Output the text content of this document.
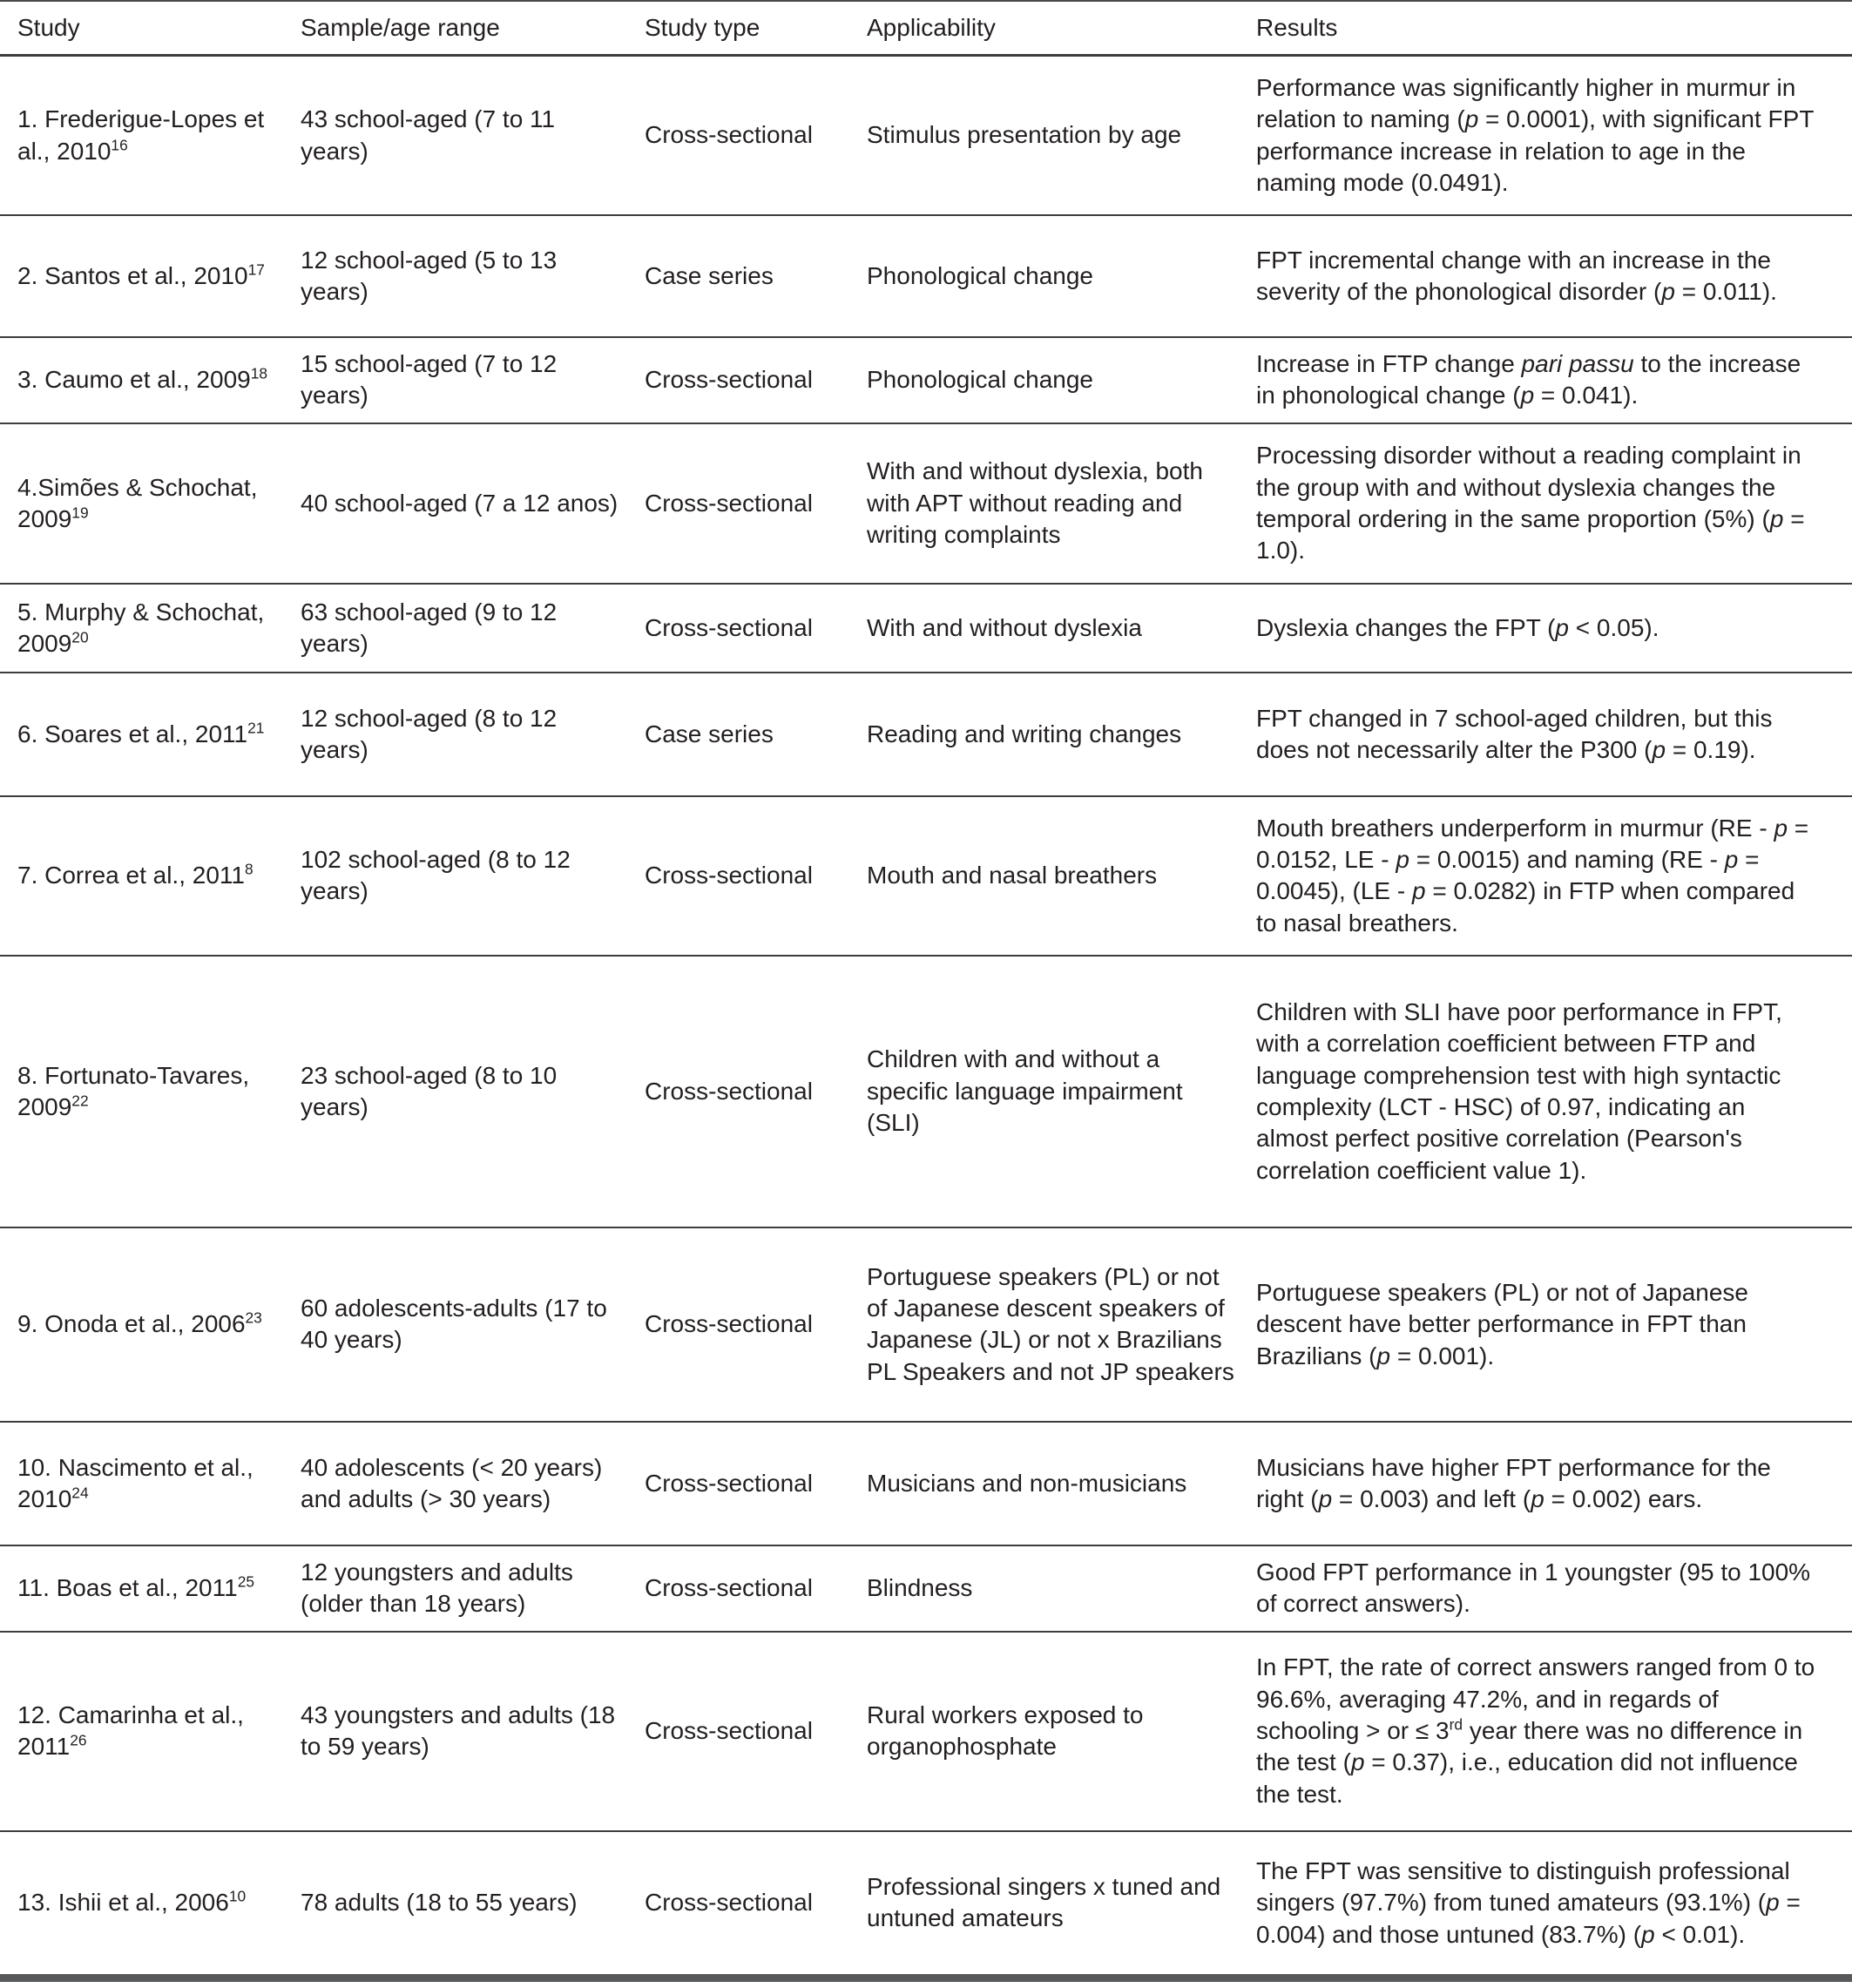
Study	Sample/age range	Study type	Applicability	Results
1. Frederigue-Lopes et al., 2010$^{16}$	43 school-aged (7 to 11 years)	Cross-sectional	Stimulus presentation by age	Performance was significantly higher in murmur in relation to naming (p = 0.0001), with significant FPT performance increase in relation to age in the naming mode (0.0491).
2. Santos et al., 2010$^{17}$	12 school-aged (5 to 13 years)	Case series	Phonological change	FPT incremental change with an increase in the severity of the phonological disorder (p = 0.011).
3. Caumo et al., 2009$^{18}$	15 school-aged (7 to 12 years)	Cross-sectional	Phonological change	Increase in FTP change pari passu to the increase in phonological change (p = 0.041).
4.Simões & Schochat, 2009$^{19}$	40 school-aged (7 a 12 anos)	Cross-sectional	With and without dyslexia, both with APT without reading and writing complaints	Processing disorder without a reading complaint in the group with and without dyslexia changes the temporal ordering in the same proportion (5%) (p = 1.0).
5. Murphy & Schochat, 2009$^{20}$	63 school-aged (9 to 12 years)	Cross-sectional	With and without dyslexia	Dyslexia changes the FPT (p < 0.05).
6. Soares et al., 2011$^{21}$	12 school-aged (8 to 12 years)	Case series	Reading and writing changes	FPT changed in 7 school-aged children, but this does not necessarily alter the P300 (p = 0.19).
7. Correa et al., 2011$^8$	102 school-aged (8 to 12 years)	Cross-sectional	Mouth and nasal breathers	Mouth breathers underperform in murmur (RE - p = 0.0152, LE - p = 0.0015) and naming (RE - p = 0.0045), (LE - p = 0.0282) in FTP when compared to nasal breathers.
8. Fortunato-Tavares, 2009$^{22}$	23 school-aged (8 to 10 years)	Cross-sectional	Children with and without a specific language impairment (SLI)	Children with SLI have poor performance in FPT, with a correlation coefficient between FTP and language comprehension test with high syntactic complexity (LCT - HSC) of 0.97, indicating an almost perfect positive correlation (Pearson's correlation coefficient value 1).
9. Onoda et al., 2006$^{23}$	60 adolescents-adults (17 to 40 years)	Cross-sectional	Portuguese speakers (PL) or not of Japanese descent speakers of Japanese (JL) or not x Brazilians PL Speakers and not JP speakers	Portuguese speakers (PL) or not of Japanese descent have better performance in FPT than Brazilians (p = 0.001).
10. Nascimento et al., 2010$^{24}$	40 adolescents (< 20 years) and adults (> 30 years)	Cross-sectional	Musicians and non-musicians	Musicians have higher FPT performance for the right (p = 0.003) and left (p = 0.002) ears.
11. Boas et al., 2011$^{25}$	12 youngsters and adults (older than 18 years)	Cross-sectional	Blindness	Good FPT performance in 1 youngster (95 to 100% of correct answers).
12. Camarinha et al., 2011$^{26}$	43 youngsters and adults (18 to 59 years)	Cross-sectional	Rural workers exposed to organophosphate	In FPT, the rate of correct answers ranged from 0 to 96.6%, averaging 47.2%, and in regards of schooling > or ≤ 3rd year there was no difference in the test (p = 0.37), i.e., education did not influence the test.
13. Ishii et al., 2006$^{10}$	78 adults (18 to 55 years)	Cross-sectional	Professional singers x tuned and untuned amateurs	The FPT was sensitive to distinguish professional singers (97.7%) from tuned amateurs (93.1%) (p = 0.004) and those untuned (83.7%) (p < 0.01).
